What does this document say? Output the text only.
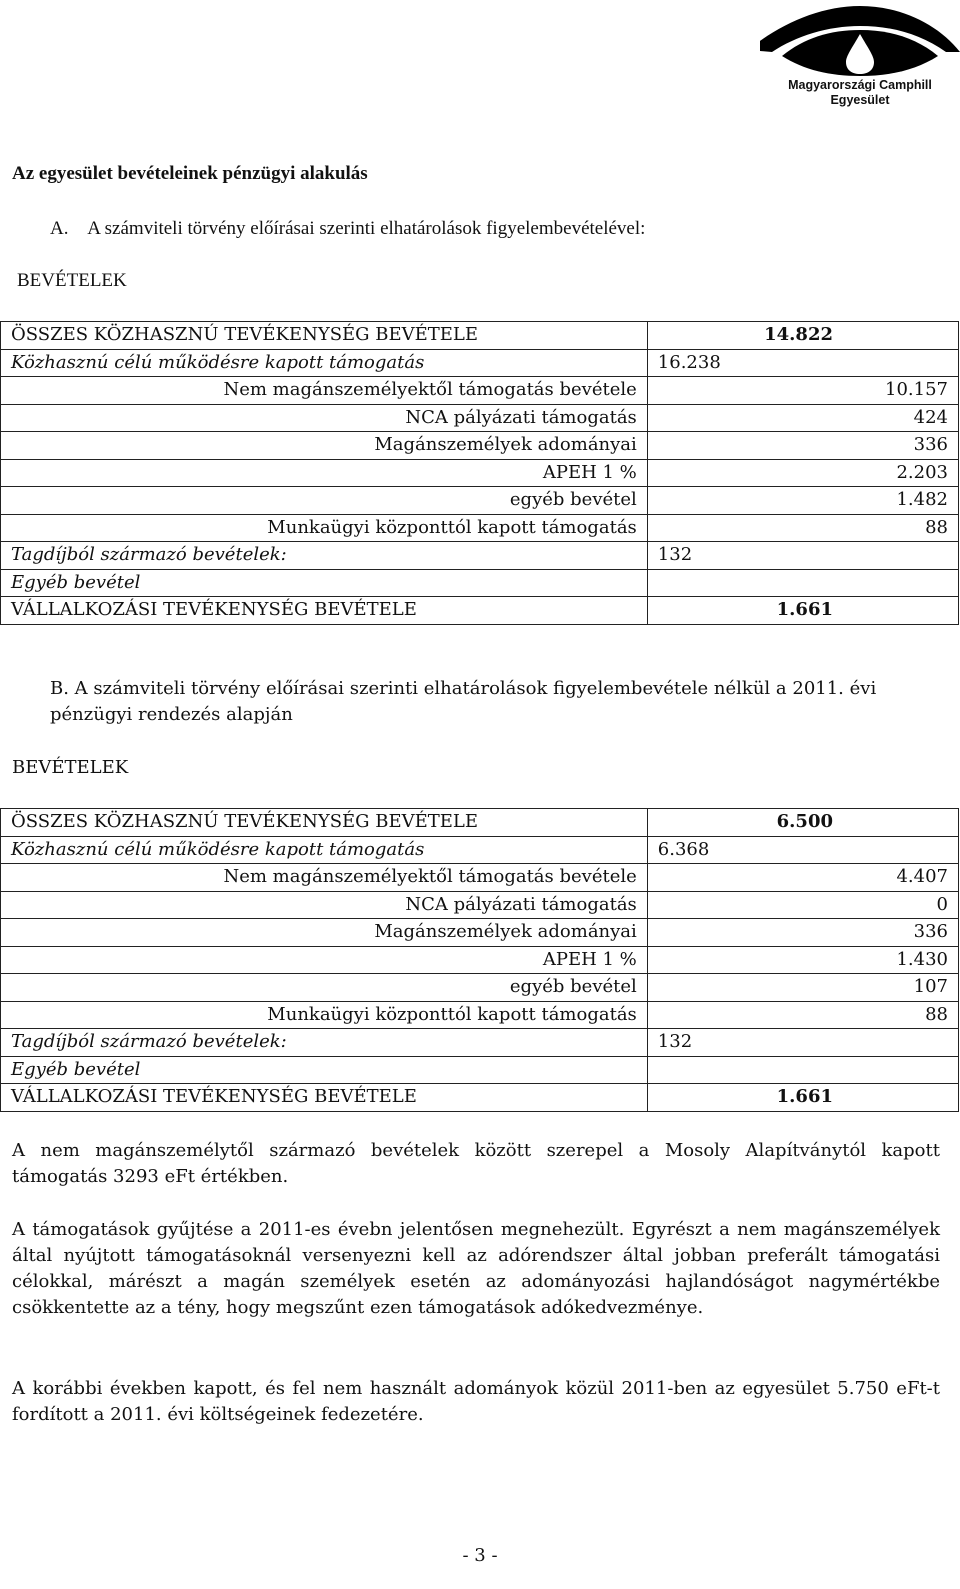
Magyarországi Camphill
Egyesület
Az egyesület bevételeinek pénzügyi alakulás
A. A számviteli törvény előírásai szerinti elhatárolások figyelembevételével:
BEVÉTELEK
ÖSSZES KÖZHASZNÚ TEVÉKENYSÉG BEVÉTELE	14.822

Közhasznú célú működésre kapott támogatás	16.238
Nem magánszemélyektől támogatás bevétele	10.157
NCA pályázati támogatás	424
Magánszemélyek adományai	336
APEH 1 %	2.203
egyéb bevétel	1.482
Munkaügyi központtól kapott támogatás	88
Tagdíjból származó bevételek:	132
Egyéb bevétel	
VÁLLALKOZÁSI TEVÉKENYSÉG BEVÉTELE	1.661
B. A számviteli törvény előírásai szerinti elhatárolások figyelembevétele nélkül a 2011. évi
pénzügyi rendezés alapján
BEVÉTELEK
ÖSSZES KÖZHASZNÚ TEVÉKENYSÉG BEVÉTELE	6.500

Közhasznú célú működésre kapott támogatás	6.368
Nem magánszemélyektől támogatás bevétele	4.407
NCA pályázati támogatás	0
Magánszemélyek adományai	336
APEH 1 %	1.430
egyéb bevétel	107
Munkaügyi központtól kapott támogatás	88
Tagdíjból származó bevételek:	132
Egyéb bevétel	
VÁLLALKOZÁSI TEVÉKENYSÉG BEVÉTELE	1.661

A nem magánszemélytől származó bevételek között szerepel a Mosoly Alapítványtól kapott támogatás 3293 eFt értékben.

A támogatások gyűjtése a 2011-es évebn jelentősen megnehezült. Egyrészt a nem magánszemélyek által nyújtott támogatásoknál versenyezni kell az adórendszer által jobban preferált támogatási célokkal, márészt a magán személyek esetén az adományozási hajlandóságot nagymértékbe csökkentette az a tény, hogy megszűnt ezen támogatások adókedvezménye.

A korábbi években kapott, és fel nem használt adományok közül 2011-ben az egyesület 5.750 eFt-t fordított a 2011. évi költségeinek fedezetére.

- 3 -
